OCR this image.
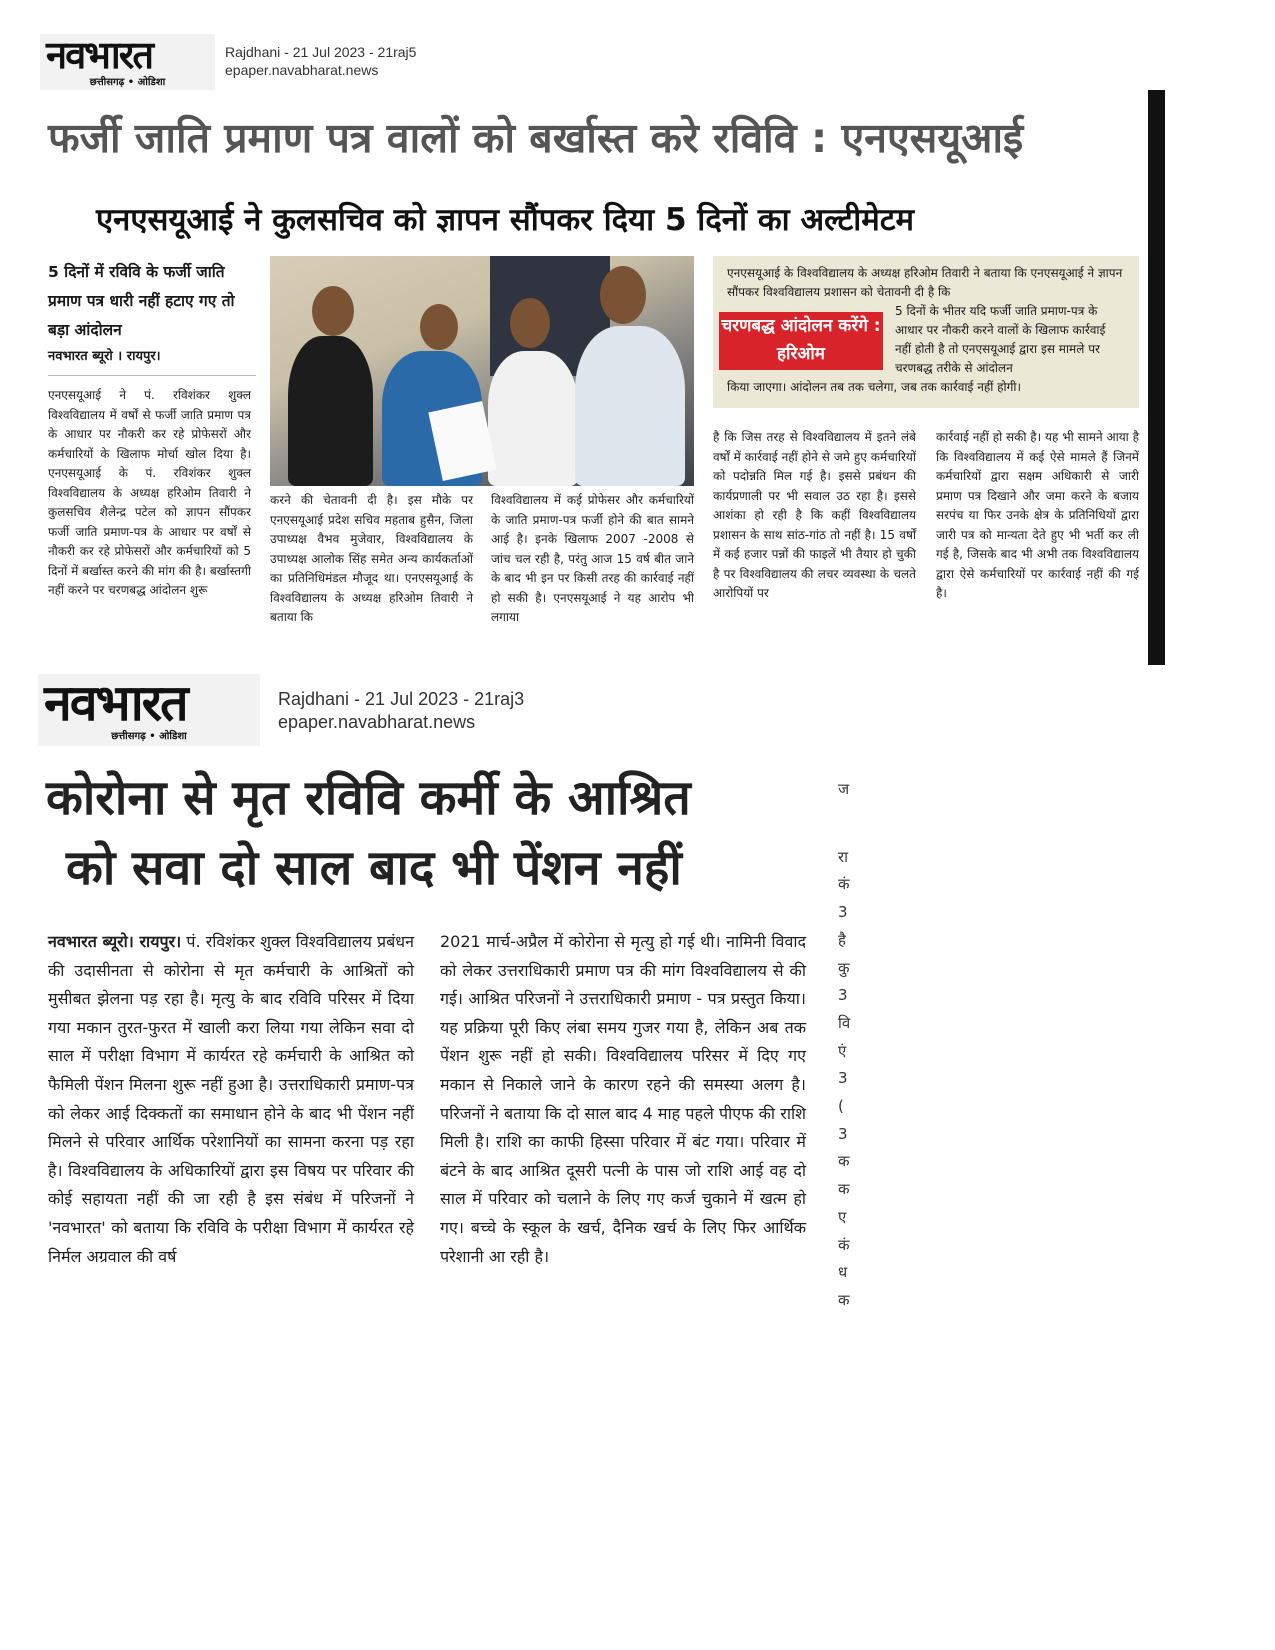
नवभारत
छत्तीसगढ़ • ओडिशा
Rajdhani - 21 Jul 2023 - 21raj5
epaper.navabharat.news
फर्जी जाति प्रमाण पत्र वालों को बर्खास्त करे रविवि : एनएसयूआई
एनएसयूआई ने कुलसचिव को ज्ञापन सौंपकर दिया 5 दिनों का अल्टीमेटम
5 दिनों में रविवि के फर्जी जाति प्रमाण पत्र धारी नहीं हटाए गए तो बड़ा आंदोलन
नवभारत ब्यूरो । रायपुर।
एनएसयूआई ने पं. रविशंकर शुक्ल विश्वविद्यालय में वर्षों से फर्जी जाति प्रमाण पत्र के आधार पर नौकरी कर रहे प्रोफेसरों और कर्मचारियों के खिलाफ मोर्चा खोल दिया है। एनएसयूआई के पं. रविशंकर शुक्ल विश्वविद्यालय के अध्यक्ष हरिओम तिवारी ने कुलसचिव शैलेन्द्र पटेल को ज्ञापन सौंपकर फर्जी जाति प्रमाण-पत्र के आधार पर वर्षों से नौकरी कर रहे प्रोफेसरों और कर्मचारियों को 5 दिनों में बर्खास्त करने की मांग की है। बर्खास्तगी नहीं करने पर चरणबद्ध आंदोलन शुरू
करने की चेतावनी दी है। इस मौके पर एनएसयूआई प्रदेश सचिव महताब हुसैन, जिला उपाध्यक्ष वैभव मुजेवार, विश्वविद्यालय के उपाध्यक्ष आलोक सिंह समेत अन्य कार्यकर्ताओं का प्रतिनिधिमंडल मौजूद था। एनएसयूआई के विश्वविद्यालय के अध्यक्ष हरिओम तिवारी ने बताया कि
विश्वविद्यालय में कई प्रोफेसर और कर्मचारियों के जाति प्रमाण-पत्र फर्जी होने की बात सामने आई है। इनके खिलाफ 2007 -2008 से जांच चल रही है, परंतु आज 15 वर्ष बीत जाने के बाद भी इन पर किसी तरह की कार्रवाई नहीं हो सकी है। एनएसयूआई ने यह आरोप भी लगाया
एनएसयूआई के विश्वविद्यालय के अध्यक्ष हरिओम तिवारी ने बताया कि एनएसयूआई ने ज्ञापन सौंपकर विश्वविद्यालय प्रशासन को चेतावनी दी है कि
चरणबद्ध आंदोलन करेंगे : हरिओम
5 दिनों के भीतर यदि फर्जी जाति प्रमाण-पत्र के आधार पर नौकरी करने वालों के खिलाफ कार्रवाई नहीं होती है तो एनएसयूआई द्वारा इस मामले पर चरणबद्ध तरीके से आंदोलन
किया जाएगा। आंदोलन तब तक चलेगा, जब तक कार्रवाई नहीं होगी।
है कि जिस तरह से विश्वविद्यालय में इतने लंबे वर्षों में कार्रवाई नहीं होने से जमे हुए कर्मचारियों को पदोन्नति मिल गई है। इससे प्रबंधन की कार्यप्रणाली पर भी सवाल उठ रहा है। इससे आशंका हो रही है कि कहीं विश्वविद्यालय प्रशासन के साथ सांठ-गांठ तो नहीं है। 15 वर्षों में कई हजार पन्नों की फाइलें भी तैयार हो चुकी है पर विश्वविद्यालय की लचर व्यवस्था के चलते आरोपियों पर
कार्रवाई नहीं हो सकी है। यह भी सामने आया है कि विश्वविद्यालय में कई ऐसे मामले हैं जिनमें कर्मचारियों द्वारा सक्षम अधिकारी से जारी प्रमाण पत्र दिखाने और जमा करने के बजाय सरपंच या फिर उनके क्षेत्र के प्रतिनिधियों द्वारा जारी पत्र को मान्यता देते हुए भी भर्ती कर ली गई है, जिसके बाद भी अभी तक विश्वविद्यालय द्वारा ऐसे कर्मचारियों पर कार्रवाई नहीं की गई है।
नवभारत
छत्तीसगढ़ • ओडिशा
Rajdhani - 21 Jul 2023 - 21raj3
epaper.navabharat.news
कोरोना से मृत रविवि कर्मी के आश्रित
को सवा दो साल बाद भी पेंशन नहीं
नवभारत ब्यूरो। रायपुर। पं. रविशंकर शुक्ल विश्वविद्यालय प्रबंधन की उदासीनता से कोरोना से मृत कर्मचारी के आश्रितों को मुसीबत झेलना पड़ रहा है। मृत्यु के बाद रविवि परिसर में दिया गया मकान तुरत-फुरत में खाली करा लिया गया लेकिन सवा दो साल में परीक्षा विभाग में कार्यरत रहे कर्मचारी के आश्रित को फैमिली पेंशन मिलना शुरू नहीं हुआ है। उत्तराधिकारी प्रमाण-पत्र को लेकर आई दिक्कतों का समाधान होने के बाद भी पेंशन नहीं मिलने से परिवार आर्थिक परेशानियों का सामना करना पड़ रहा है। विश्वविद्यालय के अधिकारियों द्वारा इस विषय पर परिवार की कोई सहायता नहीं की जा रही है इस संबंध में परिजनों ने 'नवभारत' को बताया कि रविवि के परीक्षा विभाग में कार्यरत रहे निर्मल अग्रवाल की वर्ष
2021 मार्च-अप्रैल में कोरोना से मृत्यु हो गई थी। नामिनी विवाद को लेकर उत्तराधिकारी प्रमाण पत्र की मांग विश्वविद्यालय से की गई। आश्रित परिजनों ने उत्तराधिकारी प्रमाण - पत्र प्रस्तुत किया। यह प्रक्रिया पूरी किए लंबा समय गुजर गया है, लेकिन अब तक पेंशन शुरू नहीं हो सकी। विश्वविद्यालय परिसर में दिए गए मकान से निकाले जाने के कारण रहने की समस्या अलग है। परिजनों ने बताया कि दो साल बाद 4 माह पहले पीएफ की राशि मिली है। राशि का काफी हिस्सा परिवार में बंट गया। परिवार में बंटने के बाद आश्रित दूसरी पत्नी के पास जो राशि आई वह दो साल में परिवार को चलाने के लिए गए कर्ज चुकाने में खत्म हो गए। बच्चे के स्कूल के खर्च, दैनिक खर्च के लिए फिर आर्थिक परेशानी आ रही है।
ज
रा
कं
3
है
कु
3
वि
एं
3
(
3
क
क
ए
कं
ध
क
